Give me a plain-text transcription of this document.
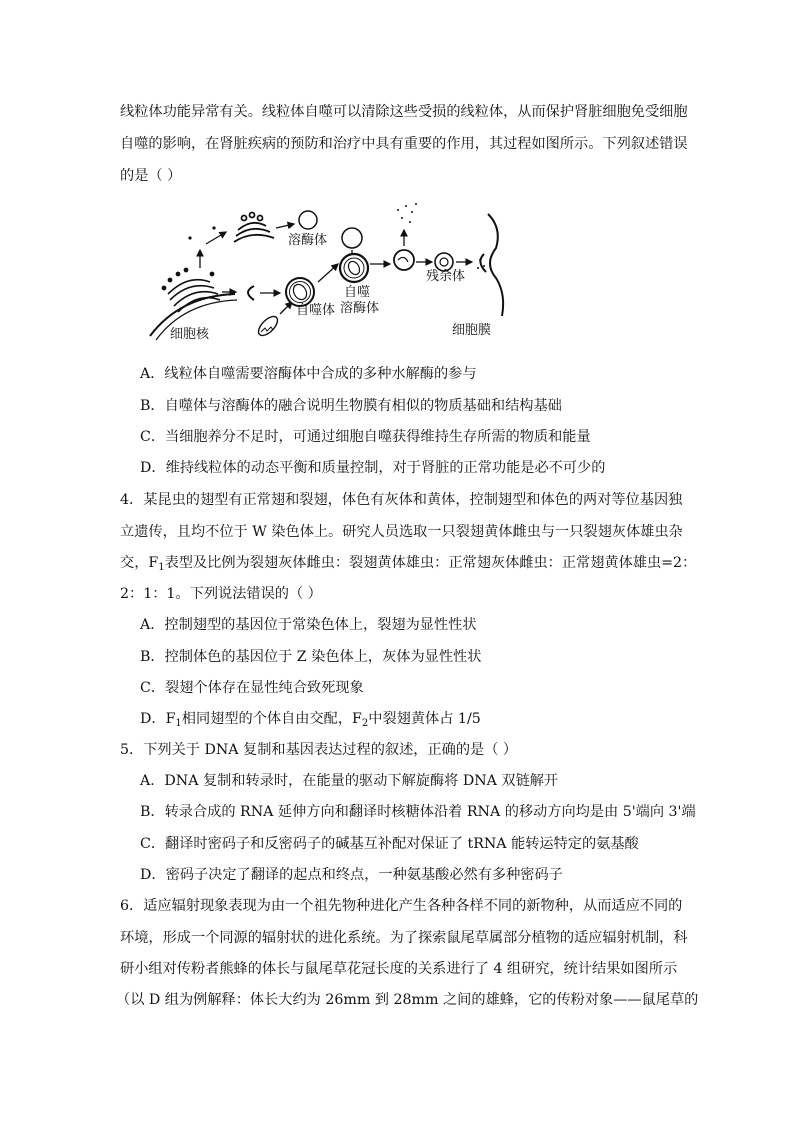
线粒体功能异常有关。线粒体自噬可以清除这些受损的线粒体，从而保护肾脏细胞免受细胞
自噬的影响，在肾脏疾病的预防和治疗中具有重要的作用，其过程如图所示。下列叙述错误
的是（ ）
溶酶体
自噬体
自噬
溶酶体
残余体
细胞膜
细胞核
A．线粒体自噬需要溶酶体中合成的多种水解酶的参与
B．自噬体与溶酶体的融合说明生物膜有相似的物质基础和结构基础
C．当细胞养分不足时，可通过细胞自噬获得维持生存所需的物质和能量
D．维持线粒体的动态平衡和质量控制，对于肾脏的正常功能是必不可少的
4．某昆虫的翅型有正常翅和裂翅，体色有灰体和黄体，控制翅型和体色的两对等位基因独
立遗传，且均不位于 W 染色体上。研究人员选取一只裂翅黄体雌虫与一只裂翅灰体雄虫杂
交，$F_1$表型及比例为裂翅灰体雌虫：裂翅黄体雄虫：正常翅灰体雌虫：正常翅黄体雄虫=2：
2：1：1。下列说法错误的（ ）
A．控制翅型的基因位于常染色体上，裂翅为显性性状
B．控制体色的基因位于 Z 染色体上，灰体为显性性状
C．裂翅个体存在显性纯合致死现象
D．$F_1$相同翅型的个体自由交配，$F_2$中裂翅黄体占 1/5
5．下列关于 DNA 复制和基因表达过程的叙述，正确的是（ ）
A．DNA 复制和转录时，在能量的驱动下解旋酶将 DNA 双链解开
B．转录合成的 RNA 延伸方向和翻译时核糖体沿着 RNA 的移动方向均是由 5'端向 3'端
C．翻译时密码子和反密码子的碱基互补配对保证了 tRNA 能转运特定的氨基酸
D．密码子决定了翻译的起点和终点，一种氨基酸必然有多种密码子
6．适应辐射现象表现为由一个祖先物种进化产生各种各样不同的新物种，从而适应不同的
环境，形成一个同源的辐射状的进化系统。为了探索鼠尾草属部分植物的适应辐射机制，科
研小组对传粉者熊蜂的体长与鼠尾草花冠长度的关系进行了 4 组研究，统计结果如图所示
（以 D 组为例解释：体长大约为 26mm 到 28mm 之间的雄蜂，它的传粉对象——鼠尾草的
